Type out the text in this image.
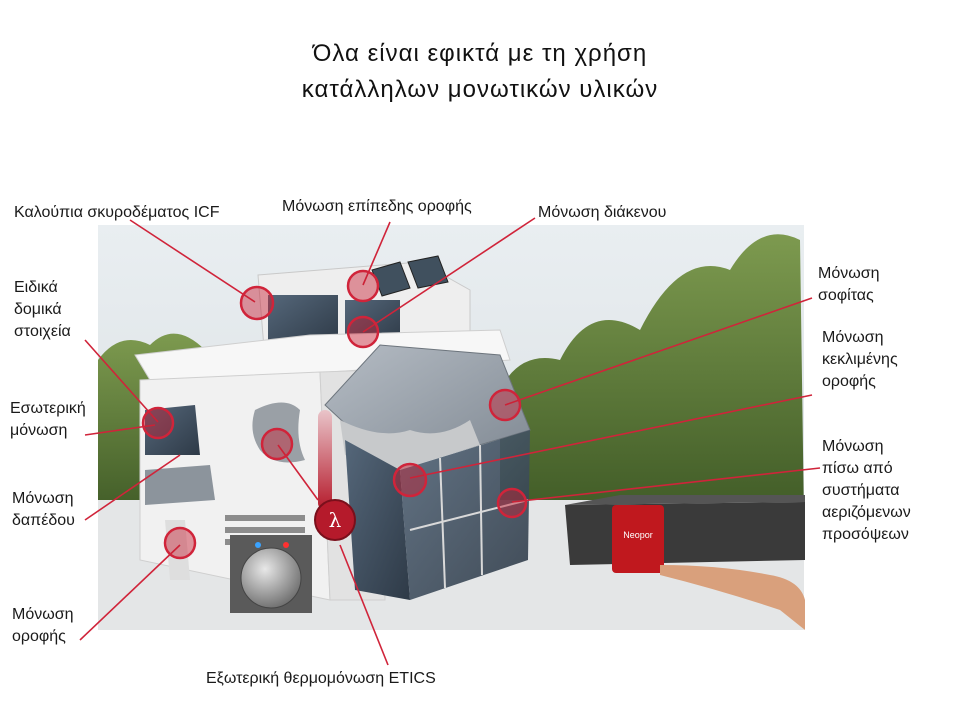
Όλα είναι εφικτά με τη χρήση
κατάλληλων μονωτικών υλικών
Neopor
λ
Καλούπια σκυροδέματος ICF	Μόνωση επίπεδης οροφής	Μόνωση διάκενου
Μόνωση
σοφίτας
Ειδικά
δομικά
στοιχεία	Μόνωση
κεκλιμένης
οροφής
Εσωτερική
μόνωση
Μόνωση
πίσω από
συστήματα
αεριζόμενων
προσόψεων
Μόνωση
δαπέδου
Μόνωση
οροφής
Εξωτερική θερμομόνωση ETICS
